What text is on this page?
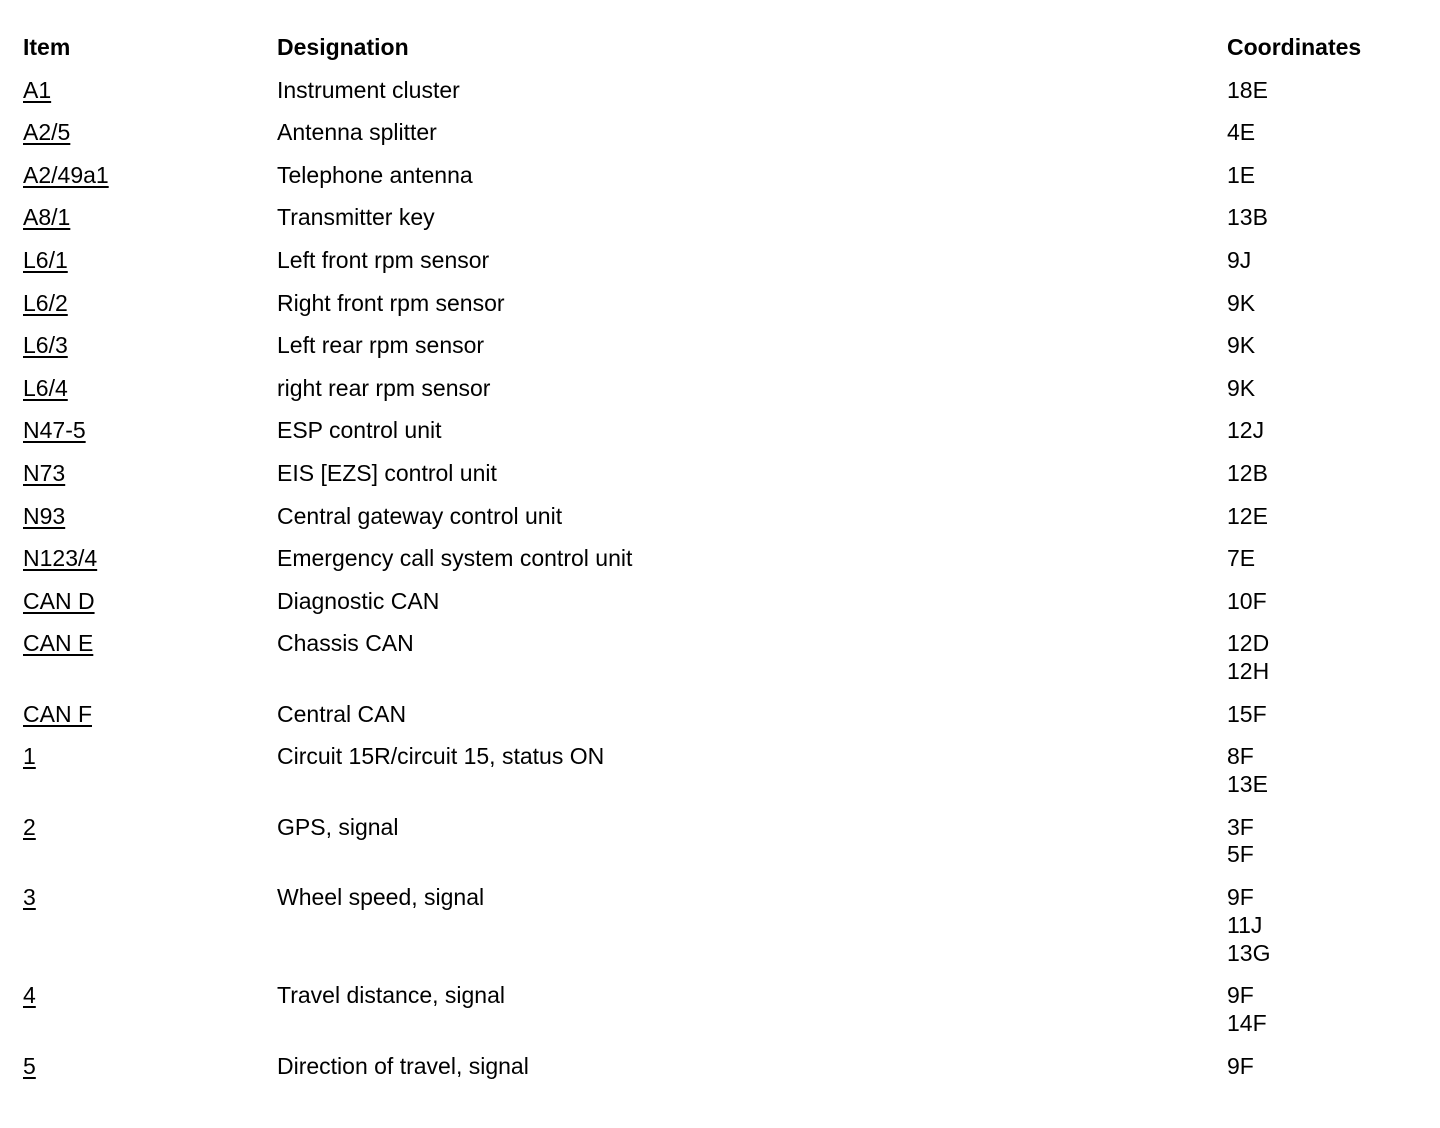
Item	Designation	Coordinates
A1	Instrument cluster	18E

A2/5	Antenna splitter	4E

A2/49a1	Telephone antenna	1E

A8/1	Transmitter key	13B

L6/1	Left front rpm sensor	9J

L6/2	Right front rpm sensor	9K

L6/3	Left rear rpm sensor	9K

L6/4	right rear rpm sensor	9K

N47-5	ESP control unit	12J

N73	EIS [EZS] control unit	12B

N93	Central gateway control unit	12E

N123/4	Emergency call system control unit	7E

CAN D	Diagnostic CAN	10F

CAN E	Chassis CAN	12D
12H

CAN F	Central CAN	15F

1	Circuit 15R/circuit 15, status ON	8F
13E

2	GPS, signal	3F
5F

3	Wheel speed, signal	9F
11J
13G

4	Travel distance, signal	9F
14F

5	Direction of travel, signal	9F
